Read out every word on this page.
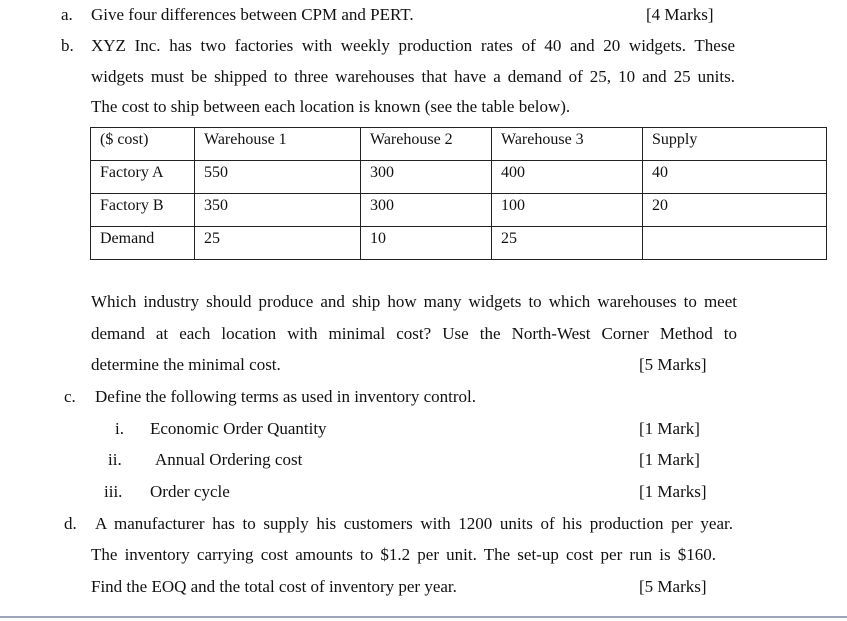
a. Give four differences between CPM and PERT.	[4 Marks]
b. XYZ Inc. has two factories with weekly production rates of 40 and 20 widgets. These
widgets must be shipped to three warehouses that have a demand of 25, 10 and 25 units.
The cost to ship between each location is known (see the table below).
($ cost)	Warehouse 1	Warehouse 2	Warehouse 3	Supply
Factory A	550	300	400	40
Factory B	350	300	100	20
Demand	25	10	25	
Which industry should produce and ship how many widgets to which warehouses to meet
demand at each location with minimal cost? Use the North-West Corner Method to
determine the minimal cost.	[5 Marks]
c. Define the following terms as used in inventory control.
i. Economic Order Quantity	[1 Mark]
ii. Annual Ordering cost	[1 Mark]
iii. Order cycle	[1 Marks]
d. A manufacturer has to supply his customers with 1200 units of his production per year.
The inventory carrying cost amounts to $1.2 per unit. The set-up cost per run is $160.
Find the EOQ and the total cost of inventory per year.	[5 Marks]
